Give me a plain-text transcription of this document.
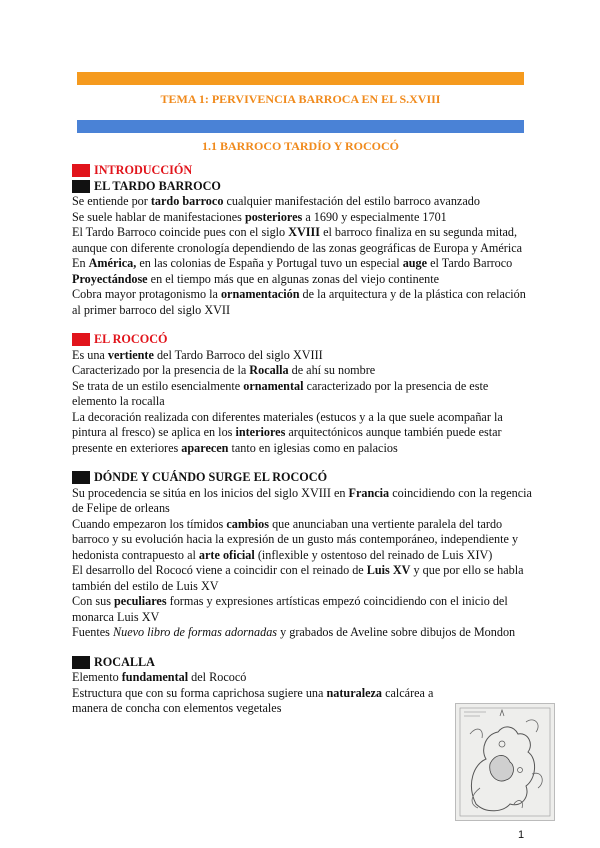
TEMA 1: PERVIVENCIA BARROCA EN EL S.XVIII
1.1 BARROCO TARDÍO Y ROCOCÓ
INTRODUCCIÓN
EL TARDO BARROCO

Se entiende por tardo barroco cualquier manifestación del estilo barroco avanzado

Se suele hablar de manifestaciones posteriores a 1690 y especialmente 1701

El Tardo Barroco coincide pues con el siglo XVIII el barroco finaliza en su segunda mitad, aunque con diferente cronología dependiendo de las zonas geográficas de Europa y América

En América, en las colonias de España y Portugal tuvo un especial auge el Tardo Barroco

Proyectándose en el tiempo más que en algunas zonas del viejo continente

Cobra mayor protagonismo la ornamentación de la arquitectura y de la plástica con relación al primer barroco del siglo XVII

EL ROCOCÓ

Es una vertiente del Tardo Barroco del siglo XVIII

Caracterizado por la presencia de la Rocalla de ahí su nombre

Se trata de un estilo esencialmente ornamental caracterizado por la presencia de este elemento la rocalla

La decoración realizada con diferentes materiales (estucos y a la que suele acompañar la pintura al fresco) se aplica en los interiores arquitectónicos aunque también puede estar presente en exteriores aparecen tanto en iglesias como en palacios

DÓNDE Y CUÁNDO SURGE EL ROCOCÓ

Su procedencia se sitúa en los inicios del siglo XVIII en Francia coincidiendo con la regencia de Felipe de orleans

Cuando empezaron los tímidos cambios que anunciaban una vertiente paralela del tardo barroco y su evolución hacia la expresión de un gusto más contemporáneo, independiente y hedonista contrapuesto al arte oficial (inflexible y ostentoso del reinado de Luis XIV)

El desarrollo del Rococó viene a coincidir con el reinado de Luis XV y que por ello se habla también del estilo de Luis XV

Con sus peculiares formas y expresiones artísticas empezó coincidiendo con el inicio del monarca Luis XV

Fuentes Nuevo libro de formas adornadas y grabados de Aveline sobre dibujos de Mondon

ROCALLA

Elemento fundamental del Rococó

Estructura que con su forma caprichosa sugiere una naturaleza calcárea a manera de concha con elementos vegetales

1
